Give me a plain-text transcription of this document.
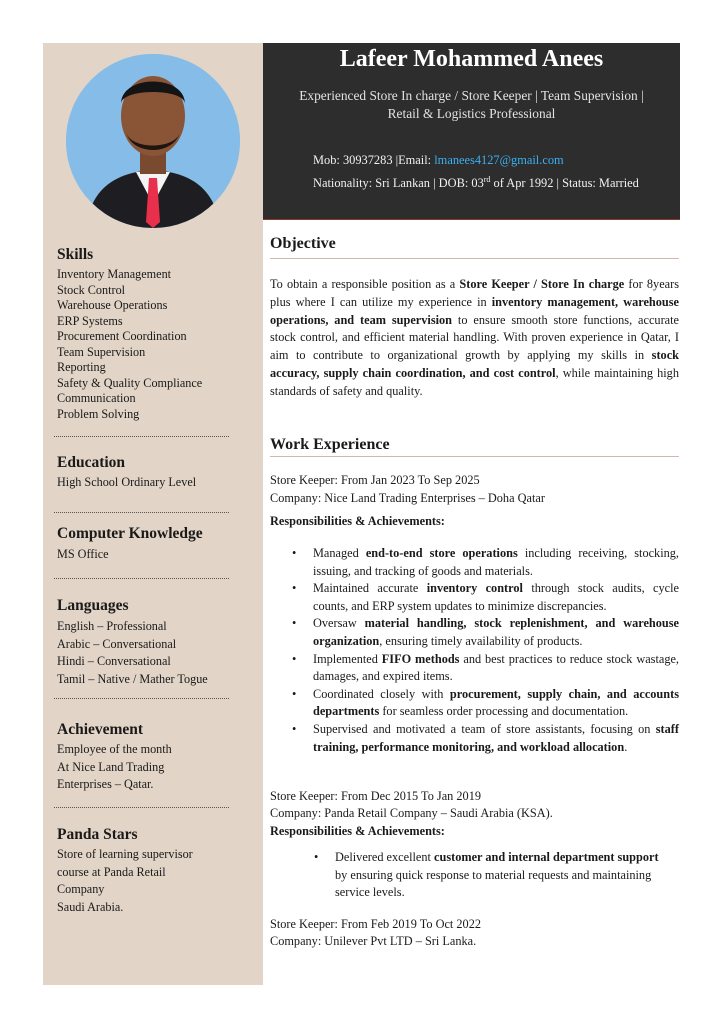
Lafeer Mohammed Anees
Experienced Store In charge / Store Keeper | Team Supervision |
Retail & Logistics Professional
Mob: 30937283 |Email: lmanees4127@gmail.com
Nationality: Sri Lankan | DOB: 03rd of Apr 1992 | Status: Married
Skills
Inventory Management
Stock Control
Warehouse Operations
ERP Systems
Procurement Coordination
Team Supervision
Reporting
Safety & Quality Compliance
Communication
Problem Solving
Education
High School Ordinary Level
Computer Knowledge
MS Office
Languages
English – Professional
Arabic – Conversational
Hindi – Conversational
Tamil – Native / Mather Togue
Achievement
Employee of the month
At Nice Land Trading
Enterprises – Qatar.
Panda Stars
Store of learning supervisor
course at Panda Retail
Company
Saudi Arabia.
Objective
To obtain a responsible position as a Store Keeper / Store In charge for 8years plus where I can utilize my experience in inventory management, warehouse operations, and team supervision to ensure smooth store functions, accurate stock control, and efficient material handling. With proven experience in Qatar, I aim to contribute to organizational growth by applying my skills in stock accuracy, supply chain coordination, and cost control, while maintaining high standards of safety and quality.
Work Experience
Store Keeper: From Jan 2023 To Sep 2025
Company: Nice Land Trading Enterprises – Doha Qatar
Responsibilities & Achievements:
• Managed end-to-end store operations including receiving, stocking, issuing, and tracking of goods and materials.
• Maintained accurate inventory control through stock audits, cycle counts, and ERP system updates to minimize discrepancies.
• Oversaw material handling, stock replenishment, and warehouse organization, ensuring timely availability of products.
• Implemented FIFO methods and best practices to reduce stock wastage, damages, and expired items.
• Coordinated closely with procurement, supply chain, and accounts departments for seamless order processing and documentation.
• Supervised and motivated a team of store assistants, focusing on staff training, performance monitoring, and workload allocation.
Store Keeper: From Dec 2015 To Jan 2019
Company: Panda Retail Company – Saudi Arabia (KSA).
Responsibilities & Achievements:
• Delivered excellent customer and internal department support by ensuring quick response to material requests and maintaining service levels.
Store Keeper: From Feb 2019 To Oct 2022
Company: Unilever Pvt LTD – Sri Lanka.
